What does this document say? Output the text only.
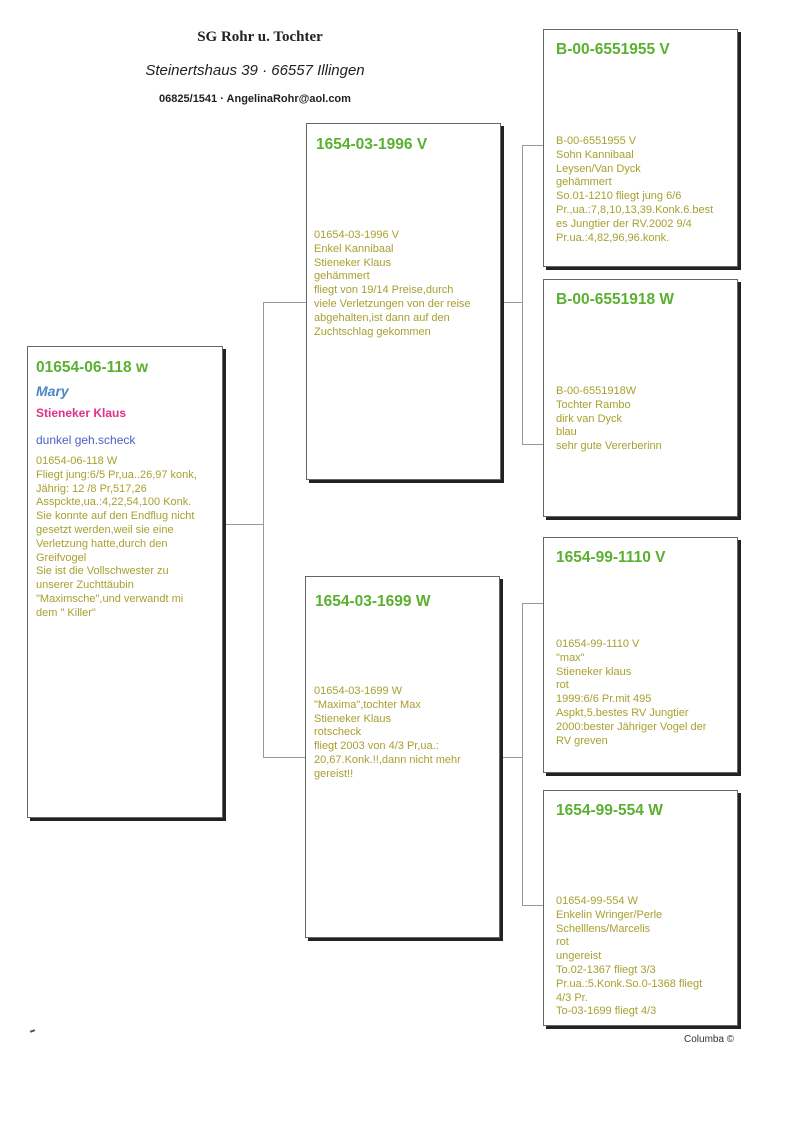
SG Rohr u. Tochter
Steinertshaus 39 · 66557 Illingen
06825/1541 · AngelinaRohr@aol.com
01654-06-118 w
Mary
Stieneker Klaus
dunkel geh.scheck
01654-06-118 W
Fliegt jung:6/5 Pr,ua..26,97 konk,
Jährig: 12 /8 Pr,517,26
Asspckte,ua.:4,22,54,100 Konk.
Sie konnte auf den Endflug nicht
gesetzt werden,weil sie eine
Verletzung hatte,durch den
Greifvogel
Sie ist die Vollschwester zu
unserer Zuchttäubin
"Maximsche",und verwandt mi
dem " Killer"
1654-03-1996 V
01654-03-1996 V
Enkel Kannibaal
Stieneker Klaus
gehämmert
fliegt von 19/14 Preise,durch
viele Verletzungen von der reise
abgehalten,ist dann auf den
Zuchtschlag gekommen
1654-03-1699 W
01654-03-1699 W
"Maxima",tochter Max
Stieneker Klaus
rotscheck
fliegt 2003 von 4/3 Pr,ua.:
20,67.Konk.!!,dann nicht mehr
gereist!!
B-00-6551955 V
B-00-6551955 V
Sohn Kannibaal
Leysen/Van Dyck
gehämmert
So.01-1210 fliegt jung 6/6
Pr.,ua.:7,8,10,13,39.Konk.6.best
es Jungtier der RV.2002 9/4
Pr.ua.:4,82,96,96.konk.
B-00-6551918 W
B-00-6551918W
Tochter Rambo
dirk van Dyck
blau
sehr gute Vererberinn
1654-99-1110 V
01654-99-1110 V
"max"
Stieneker klaus
rot
1999:6/6 Pr.mit 495
Aspkt,5.bestes RV Jungtier
2000:bester Jähriger Vogel der
RV greven
1654-99-554 W
01654-99-554 W
Enkelin Wringer/Perle
Schelllens/Marcelis
rot
ungereist
To.02-1367 fliegt 3/3
Pr.ua.:5.Konk.So.0-1368 fliegt
4/3 Pr.
To-03-1699 fliegt 4/3
Columba ©
